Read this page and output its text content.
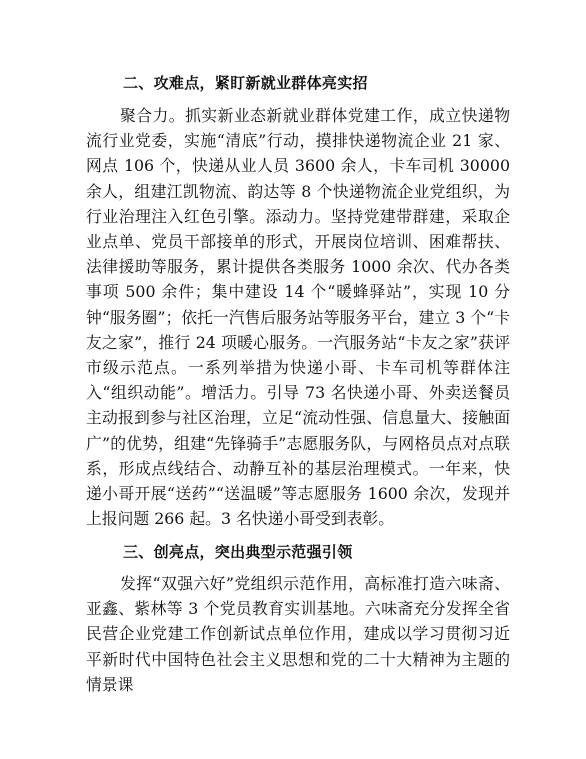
二、攻难点，紧盯新就业群体亮实招

聚合力。抓实新业态新就业群体党建工作，成立快递物流行业党委，实施“清底”行动，摸排快递物流企业 21 家、网点 106 个，快递从业人员 3600 余人，卡车司机 30000 余人，组建江凯物流、韵达等 8 个快递物流企业党组织，为行业治理注入红色引擎。添动力。坚持党建带群建，采取企业点单、党员干部接单的形式，开展岗位培训、困难帮扶、法律援助等服务，累计提供各类服务 1000 余次、代办各类事项 500 余件；集中建设 14 个“暖蜂驿站”，实现 10 分钟“服务圈”；依托一汽售后服务站等服务平台，建立 3 个“卡友之家”，推行 24 项暖心服务。一汽服务站“卡友之家”获评市级示范点。一系列举措为快递小哥、卡车司机等群体注入“组织动能”。增活力。引导 73 名快递小哥、外卖送餐员主动报到参与社区治理，立足“流动性强、信息量大、接触面广”的优势，组建“先锋骑手”志愿服务队，与网格员点对点联系，形成点线结合、动静互补的基层治理模式。一年来，快递小哥开展“送药”“送温暖”等志愿服务 1600 余次，发现并上报问题 266 起。3 名快递小哥受到表彰。

三、创亮点，突出典型示范强引领

发挥“双强六好”党组织示范作用，高标准打造六味斋、亚鑫、紫林等 3 个党员教育实训基地。六味斋充分发挥全省民营企业党建工作创新试点单位作用，建成以学习贯彻习近平新时代中国特色社会主义思想和党的二十大精神为主题的情景课
